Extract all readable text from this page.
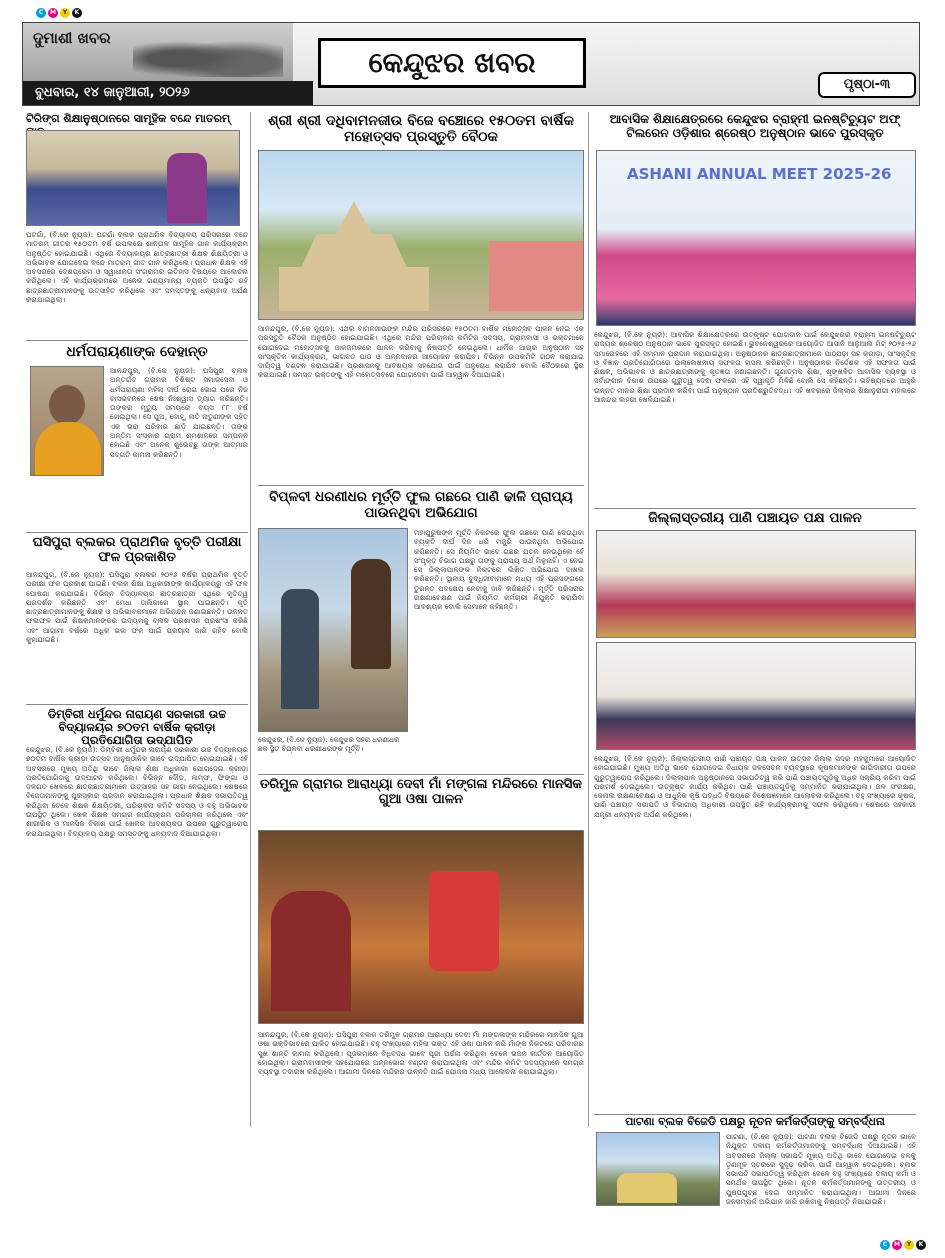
C	M	Y	K
C	M	Y	K
ଦୁମାଶୀ ଖବର
ବୁଧବାର, ୧୪ ଜାନୁଆରୀ, ୨୦୨୬
କେନ୍ଦୁଝର ଖବର
ପୃଷ୍ଠା-୩
ଟିରିଙ୍ଗ ଶିକ୍ଷାନୁଷ୍ଠାନରେ ସାମୂହିକ ବନ୍ଦେ ମାତରମ୍
ଘଟଗାଁ, (ବି.କେ ନ୍ୟୁଜ): ଘଟଗାଁ ବ୍ଲକ ପ୍ରାଥମିକ ବିଦ୍ୟାଳୟ ପରିସରରେ ବନ୍ଦେ ମାତରମ୍ ଗୀତର ୧୫୦ତମ ବର୍ଷ ଉପଲକ୍ଷେ ଶାନ୍ତାଳ ସାମୂହିକ ଗାନ କାର୍ଯ୍ୟକ୍ରମ ଅନୁଷ୍ଠିତ ହୋଇଯାଇଛି। ଏଥିରେ ବିଦ୍ୟାଳୟର ଛାତ୍ରଛାତ୍ରୀ ଶିକ୍ଷକ ଶିକ୍ଷୟିତ୍ରୀ ଓ ଅଭିଭାବକ ଯୋଗଦେଇ ବନ୍ଦେ ମାତରମ୍ ଗୀତ ଗାନ କରିଥିଲେ। ପ୍ରଧାନ ଶିକ୍ଷକ ଏହି ଅବସରରେ ଦେଶପ୍ରେମ ଓ ସ୍ୱାଧୀନତା ସଂଗ୍ରାମର ଇତିହାସ ବିଷୟରେ ଆଲୋଚନା କରିଥିଲେ। ଏହି କାର୍ଯ୍ୟକ୍ରମରେ ଅନେକ ଗଣ୍ୟମାନ୍ୟ ବ୍ୟକ୍ତି ଉପସ୍ଥିତ ରହି ଛାତ୍ରଛାତ୍ରୀମାନଙ୍କୁ ଉତ୍ସାହିତ କରିଥିଲେ ଏବଂ ସମସ୍ତଙ୍କୁ ଧନ୍ୟବାଦ ଅର୍ପଣ କରାଯାଇଥିଲା।
ଧର୍ମପରାୟଣାଙ୍କ ଦେହାନ୍ତ
ଆନନ୍ଦପୁର, (ବି.କେ ନ୍ୟୁଜ): ଘସିପୁରା ବ୍ଲକ ଅନ୍ତର୍ଗତ ଗ୍ରାମର ବିଶିଷ୍ଟ ସମାଜସେବୀ ଓ ଧର୍ମପରାୟଣା ମହିଳା ଦୀର୍ଘ ରୋଗ ଭୋଗ ପରେ ନିଜ ବାସଭବନରେ ଶେଷ ନିଃଶ୍ୱାସ ତ୍ୟାଗ କରିଛନ୍ତି। ତାଙ୍କର ମୃତ୍ୟୁ ସମୟରେ ବୟସ ୮୮ ବର୍ଷ ହୋଇଥିଲା। ସେ ପୁଅ, ବୋହୂ, ନାତି ନାତୁଣୀଙ୍କ ସହିତ ଏକ ଭରା ପରିବାର ଛାଡ଼ି ଯାଇଛନ୍ତି। ତାଙ୍କ ଅନ୍ତିମ ସଂସ୍କାର ଗ୍ରାମ ଶ୍ମଶାନରେ ସମ୍ପନ୍ନ ହୋଇଛି ଏବଂ ଅନେକ ଶୁଭେଚ୍ଛୁ ତାଙ୍କ ଆତ୍ମାର ସଦ୍‌ଗତି କାମନା କରିଛନ୍ତି।
ଘସିପୁରା ବ୍ଲକର ପ୍ରାଥମିକ ବୃତ୍ତି ପରୀକ୍ଷା ଫଳ ପ୍ରକାଶିତ
ଆନନ୍ଦପୁର, (ବି.କେ ନ୍ୟୁଜ): ଘସିପୁରା ବ୍ଲକର ୨୦୨୬ ବର୍ଷର ପ୍ରାଥମିକ ବୃତ୍ତି ପରୀକ୍ଷା ଫଳ ପ୍ରକାଶ ପାଇଛି। ବ୍ଲକ ଶିକ୍ଷା ଅଧିକାରୀଙ୍କ କାର୍ଯ୍ୟାଳୟରୁ ଏହି ଫଳ ଘୋଷଣା କରାଯାଇଛି। ବିଭିନ୍ନ ବିଦ୍ୟାଳୟର ଛାତ୍ରଛାତ୍ରୀ ଏଥିରେ କୃତିତ୍ୱ ପ୍ରଦର୍ଶନ କରିଛନ୍ତି ଏବଂ ମେଧା ତାଲିକାରେ ସ୍ଥାନ ପାଇଛନ୍ତି। କୃତି ଛାତ୍ରଛାତ୍ରୀମାନଙ୍କୁ ଶିକ୍ଷକ ଓ ଅଭିଭାବକମାନେ ଅଭିନନ୍ଦନ ଜଣାଇଛନ୍ତି। ଉନ୍ନତ ଫଳାଫଳ ପାଇଁ ଶିକ୍ଷକମାନଙ୍କର ଉଦ୍ୟମକୁ ବ୍ଲକ ପ୍ରଶାସନ ପ୍ରଶଂସା କରିଛି ଏବଂ ଆଗାମୀ ବର୍ଷରେ ଅଧିକ ଭଲ ଫଳ ପାଇଁ ପ୍ରୟାସ ଜାରି ରହିବ ବୋଲି କୁହାଯାଇଛି।
ଡିମ୍ବିରୀ ଧର୍ମୁନ୍ଦର ନାରାୟଣ ସରକାରୀ ଉଚ୍ଚ ବିଦ୍ୟାଳୟର ୭୦ତମ ବାର୍ଷିକ କ୍ରୀଡ଼ା ପ୍ରତିଯୋଗିତା ଉଦ୍‌ଯାପିତ
କେନ୍ଦୁଝର, (ବି.କେ ନ୍ୟୁଜ): ଡିମ୍ବିରୀ ଧର୍ମୁନ୍ଦର ନାରାୟଣ ସରକାରୀ ଉଚ୍ଚ ବିଦ୍ୟାଳୟର ୭୦ତମ ବାର୍ଷିକ କ୍ରୀଡ଼ା ଉତ୍ସବ ଆନୁଷ୍ଠାନିକ ଭାବେ ଉଦ୍‌ଯାପିତ ହୋଇଯାଇଛି। ଏହି ଅବସରରେ ମୁଖ୍ୟ ଅତିଥି ଭାବେ ଜିଲ୍ଲା ଶିକ୍ଷା ଅଧିକାରୀ ଯୋଗଦେଇ କ୍ରୀଡ଼ା ପ୍ରତିଯୋଗିତାକୁ ଉଦ୍‌ଘାଟନ କରିଥିଲେ। ବିଭିନ୍ନ ଦୌଡ଼, ଲମ୍ଫ, ଫିଙ୍ଗା ଓ ଦଳଗତ ଖେଳରେ ଛାତ୍ରଛାତ୍ରୀମାନେ ଉତ୍ସାହର ସହ ଭାଗ ନେଇଥିଲେ। ଶେଷରେ ବିଜେତାମାନଙ୍କୁ ପୁରସ୍କାର ପ୍ରଦାନ କରାଯାଇଥିଲା। ପ୍ରଧାନ ଶିକ୍ଷକ ସଭାପତିତ୍ୱ କରିଥିବା ବେଳେ ଶିକ୍ଷକ ଶିକ୍ଷୟିତ୍ରୀ, ପରିଚାଳନା କମିଟି ସଦସ୍ୟ ଓ ବହୁ ଅଭିଭାବକ ଉପସ୍ଥିତ ଥିଲେ। ଖେଳ ଶିକ୍ଷକ ସମଗ୍ର କାର୍ଯ୍ୟକ୍ରମ ପରିଚାଳନା କରିଥିଲେ ଏବଂ ଶାରୀରିକ ଓ ମାନସିକ ବିକାଶ ପାଇଁ ଖେଳର ଆବଶ୍ୟକତା ଉପରେ ଗୁରୁତ୍ୱାରୋପ କରାଯାଇଥିଲା। ବିଦ୍ୟାଳୟ ପକ୍ଷରୁ ସମସ୍ତଙ୍କୁ ଧନ୍ୟବାଦ ଦିଆଯାଇଥିଲା।
ଶ୍ରୀ ଶ୍ରୀ ଦଧିବାମନଜୀଉ ବିଜେ ବଞ୍ଚୋରେ ୧୫୦ତମ ବାର୍ଷିକ ମହୋତ୍ସବ ପ୍ରସ୍ତୁତି ବୈଠକ
ଆନନ୍ଦପୁର, (ବି.କେ ନ୍ୟୁଜ): ଏଥର ବାମନଜୀଉଙ୍କ ମନ୍ଦିର ପରିସରରେ ୧୫୦ତମ ବାର୍ଷିକ ମହୋତ୍ସବ ପାଳନ ନେଇ ଏକ ପ୍ରସ୍ତୁତି ବୈଠକ ଅନୁଷ୍ଠିତ ହୋଇଯାଇଛି। ଏଥିରେ ମନ୍ଦିର ପରିଚାଳନା କମିଟିର ସଦସ୍ୟ, ଗ୍ରାମବାସୀ ଓ ଭକ୍ତମାନେ ଯୋଗଦେଇ ମହୋତ୍ସବକୁ ଜାକଜମକରେ ପାଳନ କରିବାକୁ ନିଷ୍ପତ୍ତି ନେଇଥିଲେ। ଧାର୍ମିକ ଆଚାର ଅନୁଷ୍ଠାନ ସହ ସାଂସ୍କୃତିକ କାର୍ଯ୍ୟକ୍ରମ, ଭାଗବତ ପାଠ ଓ ଅନ୍ନଦାନର ଆୟୋଜନ କରାଯିବ। ବିଭିନ୍ନ ଉପକମିଟି ଗଠନ କରାଯାଇ ଦାୟିତ୍ୱ ବଣ୍ଟନ କରାଯାଇଛି। ପ୍ରଶାସନକୁ ଆବଶ୍ୟକ ସହଯୋଗ ପାଇଁ ଅନୁରୋଧ କରାଯିବ ବୋଲି ବୈଠକରେ ସ୍ଥିର କରାଯାଇଛି। ସମସ୍ତ ଭକ୍ତଙ୍କୁ ଏହି ମହୋତ୍ସବରେ ଯୋଗଦେବା ପାଇଁ ଆହ୍ୱାନ ଦିଆଯାଇଛି।
ବିପ୍ଳବୀ ଧରଣୀଧର ମୂର୍ତ୍ତି ଫୁଲ ଗଛରେ ପାଣି ଢାଳି ପ୍ରାପ୍ୟ ପାଉନଥିବା ଅଭିଯୋଗ
କେନ୍ଦୁଝର, (ବି.କେ ନ୍ୟୁଜ): କେନ୍ଦୁଝର ସହର ଧରଣୀଧର ଛକ ସ୍ଥିତ ବିପ୍ଳବୀ ଧରଣୀଧରଙ୍କ ମୂର୍ତ୍ତି।
ମହାପୁରୁଷଙ୍କ ମୂର୍ତ୍ତି ନିକଟରେ ଫୁଲ ଗଛରେ ପାଣି ଦେଉଥିବା ବ୍ୟକ୍ତି ଦୀର୍ଘ ଦିନ ଧରି ମଜୁରି ପାଉନଥିବା ଅଭିଯୋଗ କରିଛନ୍ତି। ସେ ନିୟମିତ ଭାବେ ଗଛର ଯତ୍ନ ନେଉଥିଲେ ହେଁ ସଂପୃକ୍ତ ବିଭାଗ ପକ୍ଷରୁ ତାଙ୍କୁ ପ୍ରାପ୍ୟ ଅର୍ଥ ମିଳୁନାହିଁ। ଏ ନେଇ ସେ ଜିଲ୍ଲାପାଳଙ୍କ ନିକଟରେ ଲିଖିତ ଅଭିଯୋଗ ଦାଖଲ କରିଛନ୍ତି। ସ୍ଥାନୀୟ ବୁଦ୍ଧିଜୀବୀମାନେ ମଧ୍ୟ ଏହି ପ୍ରସଙ୍ଗରେ ତୁରନ୍ତ ପଦକ୍ଷେପ ନେବାକୁ ଦାବି କରିଛନ୍ତି। ମୂର୍ତ୍ତି ପରିସରର ରକ୍ଷଣାବେକ୍ଷଣ ପାଇଁ ନିୟମିତ କର୍ମଚାରୀ ନିଯୁକ୍ତି କରାଯିବା ଆବଶ୍ୟକ ବୋଲି ସେମାନେ କହିଛନ୍ତି।
ତରିମୁଳ ଗ୍ରାମର ଆରାଧ୍ୟା ଦେବୀ ମାଁ ମଙ୍ଗଳା ମନ୍ଦିରରେ ମାନସିକ ଗୁଆ ଓଷା ପାଳନ
ଆନନ୍ଦପୁର, (ବି.କେ ନ୍ୟୁଜ): ଘସିପୁରା ବ୍ଲକ ତରିମୁଳ ଗ୍ରାମର ଆରାଧ୍ୟା ଦେବୀ ମାଁ ମଙ୍ଗଳାଙ୍କ ମନ୍ଦିରରେ ମାନସିକ ଗୁଆ ଓଷା ଭକ୍ତିଭାବରେ ପାଳିତ ହୋଇଯାଇଛି। ବହୁ ସଂଖ୍ୟାରେ ମହିଳା ଭକ୍ତ ଏହି ଓଷା ପାଳନ କରି ମାଁଙ୍କ ନିକଟରେ ପରିବାରର ସୁଖ ଶାନ୍ତି କାମନା କରିଥିଲେ। ପୂଜକମାନେ ବିଧିବଦ୍ଧ ଭାବେ ପୂଜା ଅର୍ଚ୍ଚନା କରିଥିବା ବେଳେ ଭଜନ କୀର୍ତ୍ତନ ଆୟୋଜିତ ହୋଇଥିଲା। ଗ୍ରାମବାସୀଙ୍କ ସହଯୋଗରେ ଅନ୍ନଭୋଗ ବଣ୍ଟନ କରାଯାଇଥିଲା ଏବଂ ମନ୍ଦିର କମିଟି ସଦସ୍ୟମାନେ ସମଗ୍ର ବ୍ୟବସ୍ଥା ତଦାରଖ କରିଥିଲେ। ଆଗାମୀ ଦିନରେ ମନ୍ଦିରର ଉନ୍ନତି ପାଇଁ ଯୋଜନା ମଧ୍ୟ ଆଲୋଚନା କରାଯାଇଥିଲା।
ଆବାସିକ ଶିକ୍ଷାକ୍ଷେତ୍ରରେ କେନ୍ଦୁଝର ବ୍ରାହ୍ମୀ ଇନଷ୍ଟିଚ୍ୟୁଟ ଅଫ୍ ଟିଲରେନ ଓଡ଼ିଶାର ଶ୍ରେଷ୍ଠ ଅନୁଷ୍ଠାନ ଭାବେ ପୁରସ୍କୃତ
ASHANI ANNUAL MEET 2025-26
କେନ୍ଦୁଝର, (ବି.କେ ନ୍ୟୁଜ): ଆବାସିକ ଶିକ୍ଷାକ୍ଷେତ୍ରରେ ଉତ୍କୃଷ୍ଟ ଯୋଗଦାନ ପାଇଁ କେନ୍ଦୁଝରର ବ୍ରାହ୍ମୀ ଇନଷ୍ଟିଚ୍ୟୁଟ ରାଜ୍ୟର ଶ୍ରେଷ୍ଠ ଅନୁଷ୍ଠାନ ଭାବେ ପୁରସ୍କୃତ ହୋଇଛି। ଭୁବନେଶ୍ୱରରେ ଆୟୋଜିତ ଆସାନି ଆନୁଆଲ ମିଟ୍ ୨୦୨୫-୨୬ ସମାରୋହରେ ଏହି ସମ୍ମାନ ପ୍ରଦାନ କରାଯାଇଥିଲା। ଅନୁଷ୍ଠାନର ଛାତ୍ରଛାତ୍ରୀମାନେ ପାଠପଢ଼ା ସହ କ୍ରୀଡ଼ା, ସାଂସ୍କୃତିକ ଓ ବିଜ୍ଞାନ ପ୍ରତିଯୋଗିତାରେ ଉଲ୍ଲେଖନୀୟ ସଫଳତା ହାସଲ କରିଛନ୍ତି। ଅନୁଷ୍ଠାନର ନିର୍ଦ୍ଦେଶକ ଏହି ସଫଳତା ପାଇଁ ଶିକ୍ଷକ, ଅଭିଭାବକ ଓ ଛାତ୍ରଛାତ୍ରୀଙ୍କୁ କୃତଜ୍ଞତା ଜଣାଇଛନ୍ତି। ଗୁଣାତ୍ମକ ଶିକ୍ଷା, ଶୃଙ୍ଖଳିତ ଆବାସିକ ବ୍ୟବସ୍ଥା ଓ ସର୍ବାଙ୍ଗୀନ ବିକାଶ ଉପରେ ଗୁରୁତ୍ୱ ଦେବା ଫଳରେ ଏହି ସ୍ୱୀକୃତି ମିଳିଛି ବୋଲି ସେ କହିଛନ୍ତି। ଭବିଷ୍ୟତରେ ଆହୁରି ଉନ୍ନତ ମାନର ଶିକ୍ଷା ପ୍ରଦାନ କରିବା ପାଇଁ ଅନୁଷ୍ଠାନ ପ୍ରତିଶ୍ରୁତିବଦ୍ଧ। ଏହି ଖବରରେ ଜିଲ୍ଲାର ଶିକ୍ଷାନୁରାଗୀ ମହଲରେ ଆନନ୍ଦର ଲହରୀ ଖେଳିଯାଇଛି।
ଜିଲ୍ଲାସ୍ତରୀୟ ପାଣି ପଞ୍ଚାୟତ ପକ୍ଷ ପାଳନ
କେନ୍ଦୁଝର, (ବି.କେ ନ୍ୟୁଜ): ଜିଲ୍ଲାସ୍ତରୀୟ ପାଣି ପଞ୍ଚାୟତ ପକ୍ଷ ପାଳନ ଉତ୍ସବ ଜିଲ୍ଲା ସଦର ମହକୁମାରେ ଆୟୋଜିତ ହୋଇଯାଇଛି। ମୁଖ୍ୟ ଅତିଥି ଭାବେ ଯୋଗଦେଇ ବିଧାୟକ ଜଳସେଚନ ବ୍ୟବସ୍ଥାରେ କୃଷକମାନଙ୍କ ଭାଗିଦାରୀତା ଉପରେ ଗୁରୁତ୍ୱାରୋପ କରିଥିଲେ। ଜିଲ୍ଲାପାଳ ଅନୁଷ୍ଠାନରେ ସଭାପତିତ୍ୱ କରି ପାଣି ପଞ୍ଚାୟତଗୁଡ଼ିକୁ ଅଧିକ ସକ୍ରିୟ କରିବା ପାଇଁ ପରାମର୍ଶ ଦେଇଥିଲେ। ଉତ୍କୃଷ୍ଟ କାର୍ଯ୍ୟ କରିଥିବା ପାଣି ପଞ୍ଚାୟତଗୁଡ଼ିକୁ ସମ୍ମାନିତ କରାଯାଇଥିଲା। ଜଳ ସଂରକ୍ଷଣ, କେନାଲ ରକ୍ଷଣାବେକ୍ଷଣ ଓ ଆଧୁନିକ କୃଷି ପଦ୍ଧତି ବିଷୟରେ ବିଶେଷଜ୍ଞମାନେ ଆଲୋଚନା କରିଥିଲେ। ବହୁ ସଂଖ୍ୟାରେ କୃଷକ, ପାଣି ପଞ୍ଚାୟତ ସଭାପତି ଓ ବିଭାଗୀୟ ଅଧିକାରୀ ଉପସ୍ଥିତ ରହି କାର୍ଯ୍ୟକ୍ରମକୁ ସଫଳ କରିଥିଲେ। ଶେଷରେ ସହକାରୀ ଯନ୍ତ୍ରୀ ଧନ୍ୟବାଦ ଅର୍ପଣ କରିଥିଲେ।
ପାଟଣା ବ୍ଲକ ବିଜେଡି ପକ୍ଷରୁ ନୂତନ କର୍ମକର୍ତ୍ତାଙ୍କୁ ସମ୍ବର୍ଦ୍ଧନା
ପାଟଣା, (ବି.କେ ନ୍ୟୁଜ): ପାଟଣା ବ୍ଲକ ବିଜେଡି ପକ୍ଷରୁ ନୂତନ ଭାବେ ନିଯୁକ୍ତ ଦଳୀୟ କର୍ମକର୍ତ୍ତାମାନଙ୍କୁ ସମ୍ବର୍ଦ୍ଧନା ଦିଆଯାଇଛି। ଏହି ଅବସରରେ ଜିଲ୍ଲା ସଭାପତି ମୁଖ୍ୟ ଅତିଥି ଭାବେ ଯୋଗଦେଇ ଦଳକୁ ତୃଣମୂଳ ସ୍ତରରେ ସୁଦୃଢ଼ କରିବା ପାଇଁ ଆହ୍ୱାନ ଦେଇଥିଲେ। ବ୍ଲକ ସଭାପତି ସଭାପତିତ୍ୱ କରିଥିବା ବେଳେ ବହୁ ସଂଖ୍ୟାରେ ଦଳୀୟ କର୍ମୀ ଓ ସମର୍ଥକ ଉପସ୍ଥିତ ଥିଲେ। ନୂତନ କର୍ମକର୍ତ୍ତାମାନଙ୍କୁ ଉତ୍ତରୀୟ ଓ ପୁଷ୍ପଗୁଚ୍ଛ ଦେଇ ସମ୍ମାନିତ କରାଯାଇଥିଲା। ଆଗାମୀ ଦିନରେ ଜନସମ୍ପର୍କ ଅଭିଯାନ ଜାରି ରଖିବାକୁ ନିଷ୍ପତ୍ତି ନିଆଯାଇଛି।
